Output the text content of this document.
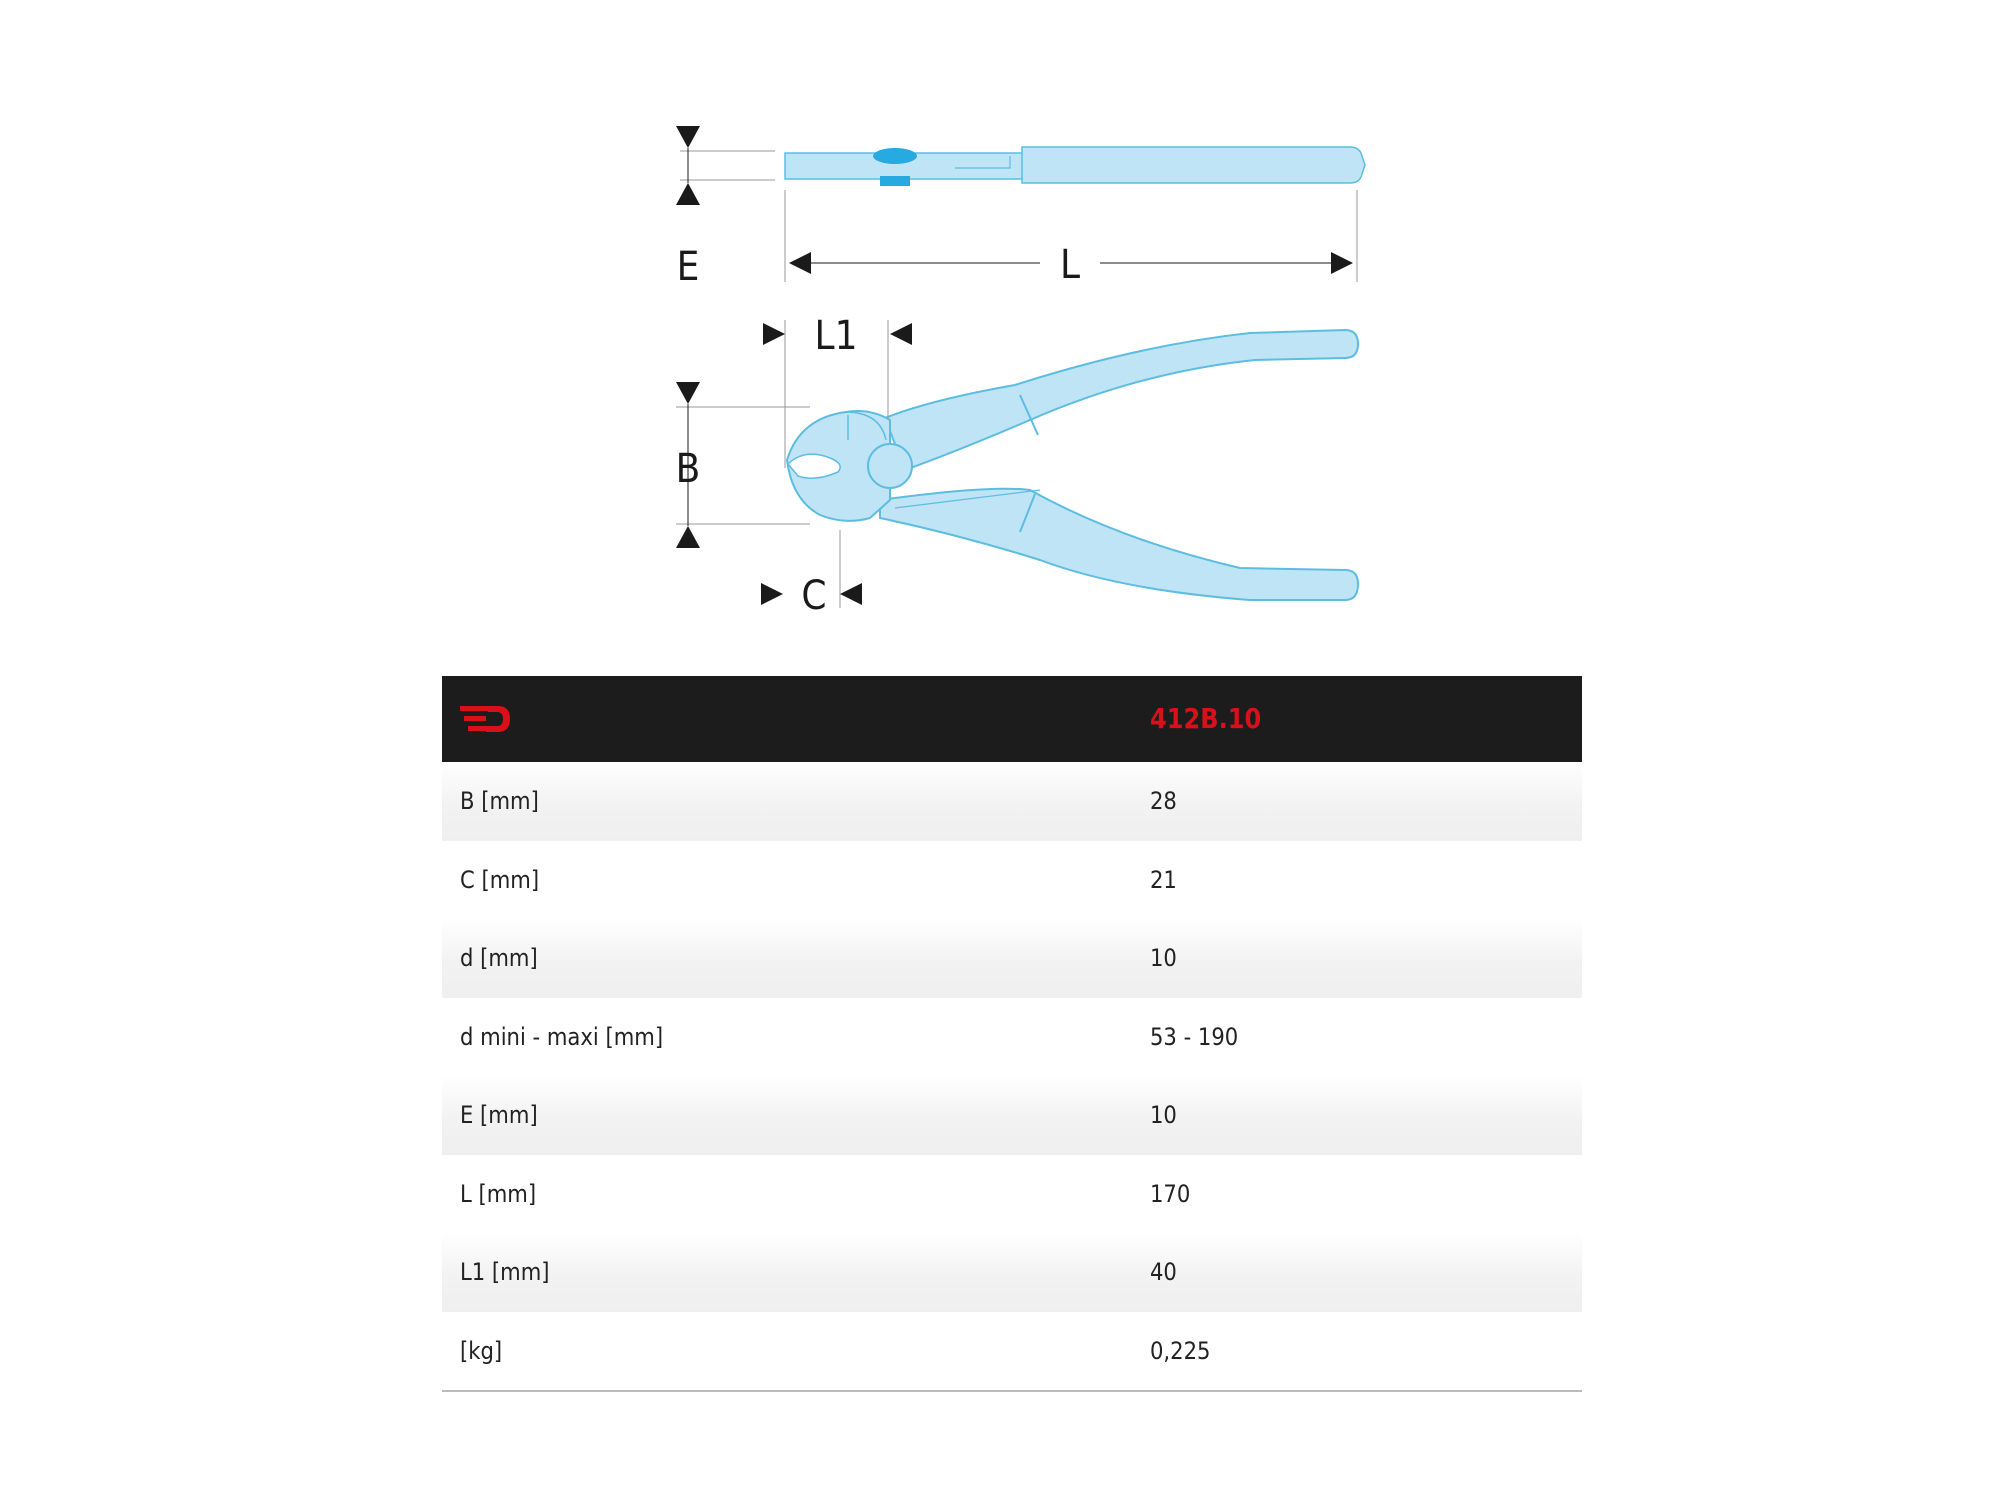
E	L
L1
B
C
412B.10
B [mm]	28
C [mm]	21
d [mm]	10
d mini - maxi [mm]	53 - 190
E [mm]	10
L [mm]	170
L1 [mm]	40
[kg]	0,225
